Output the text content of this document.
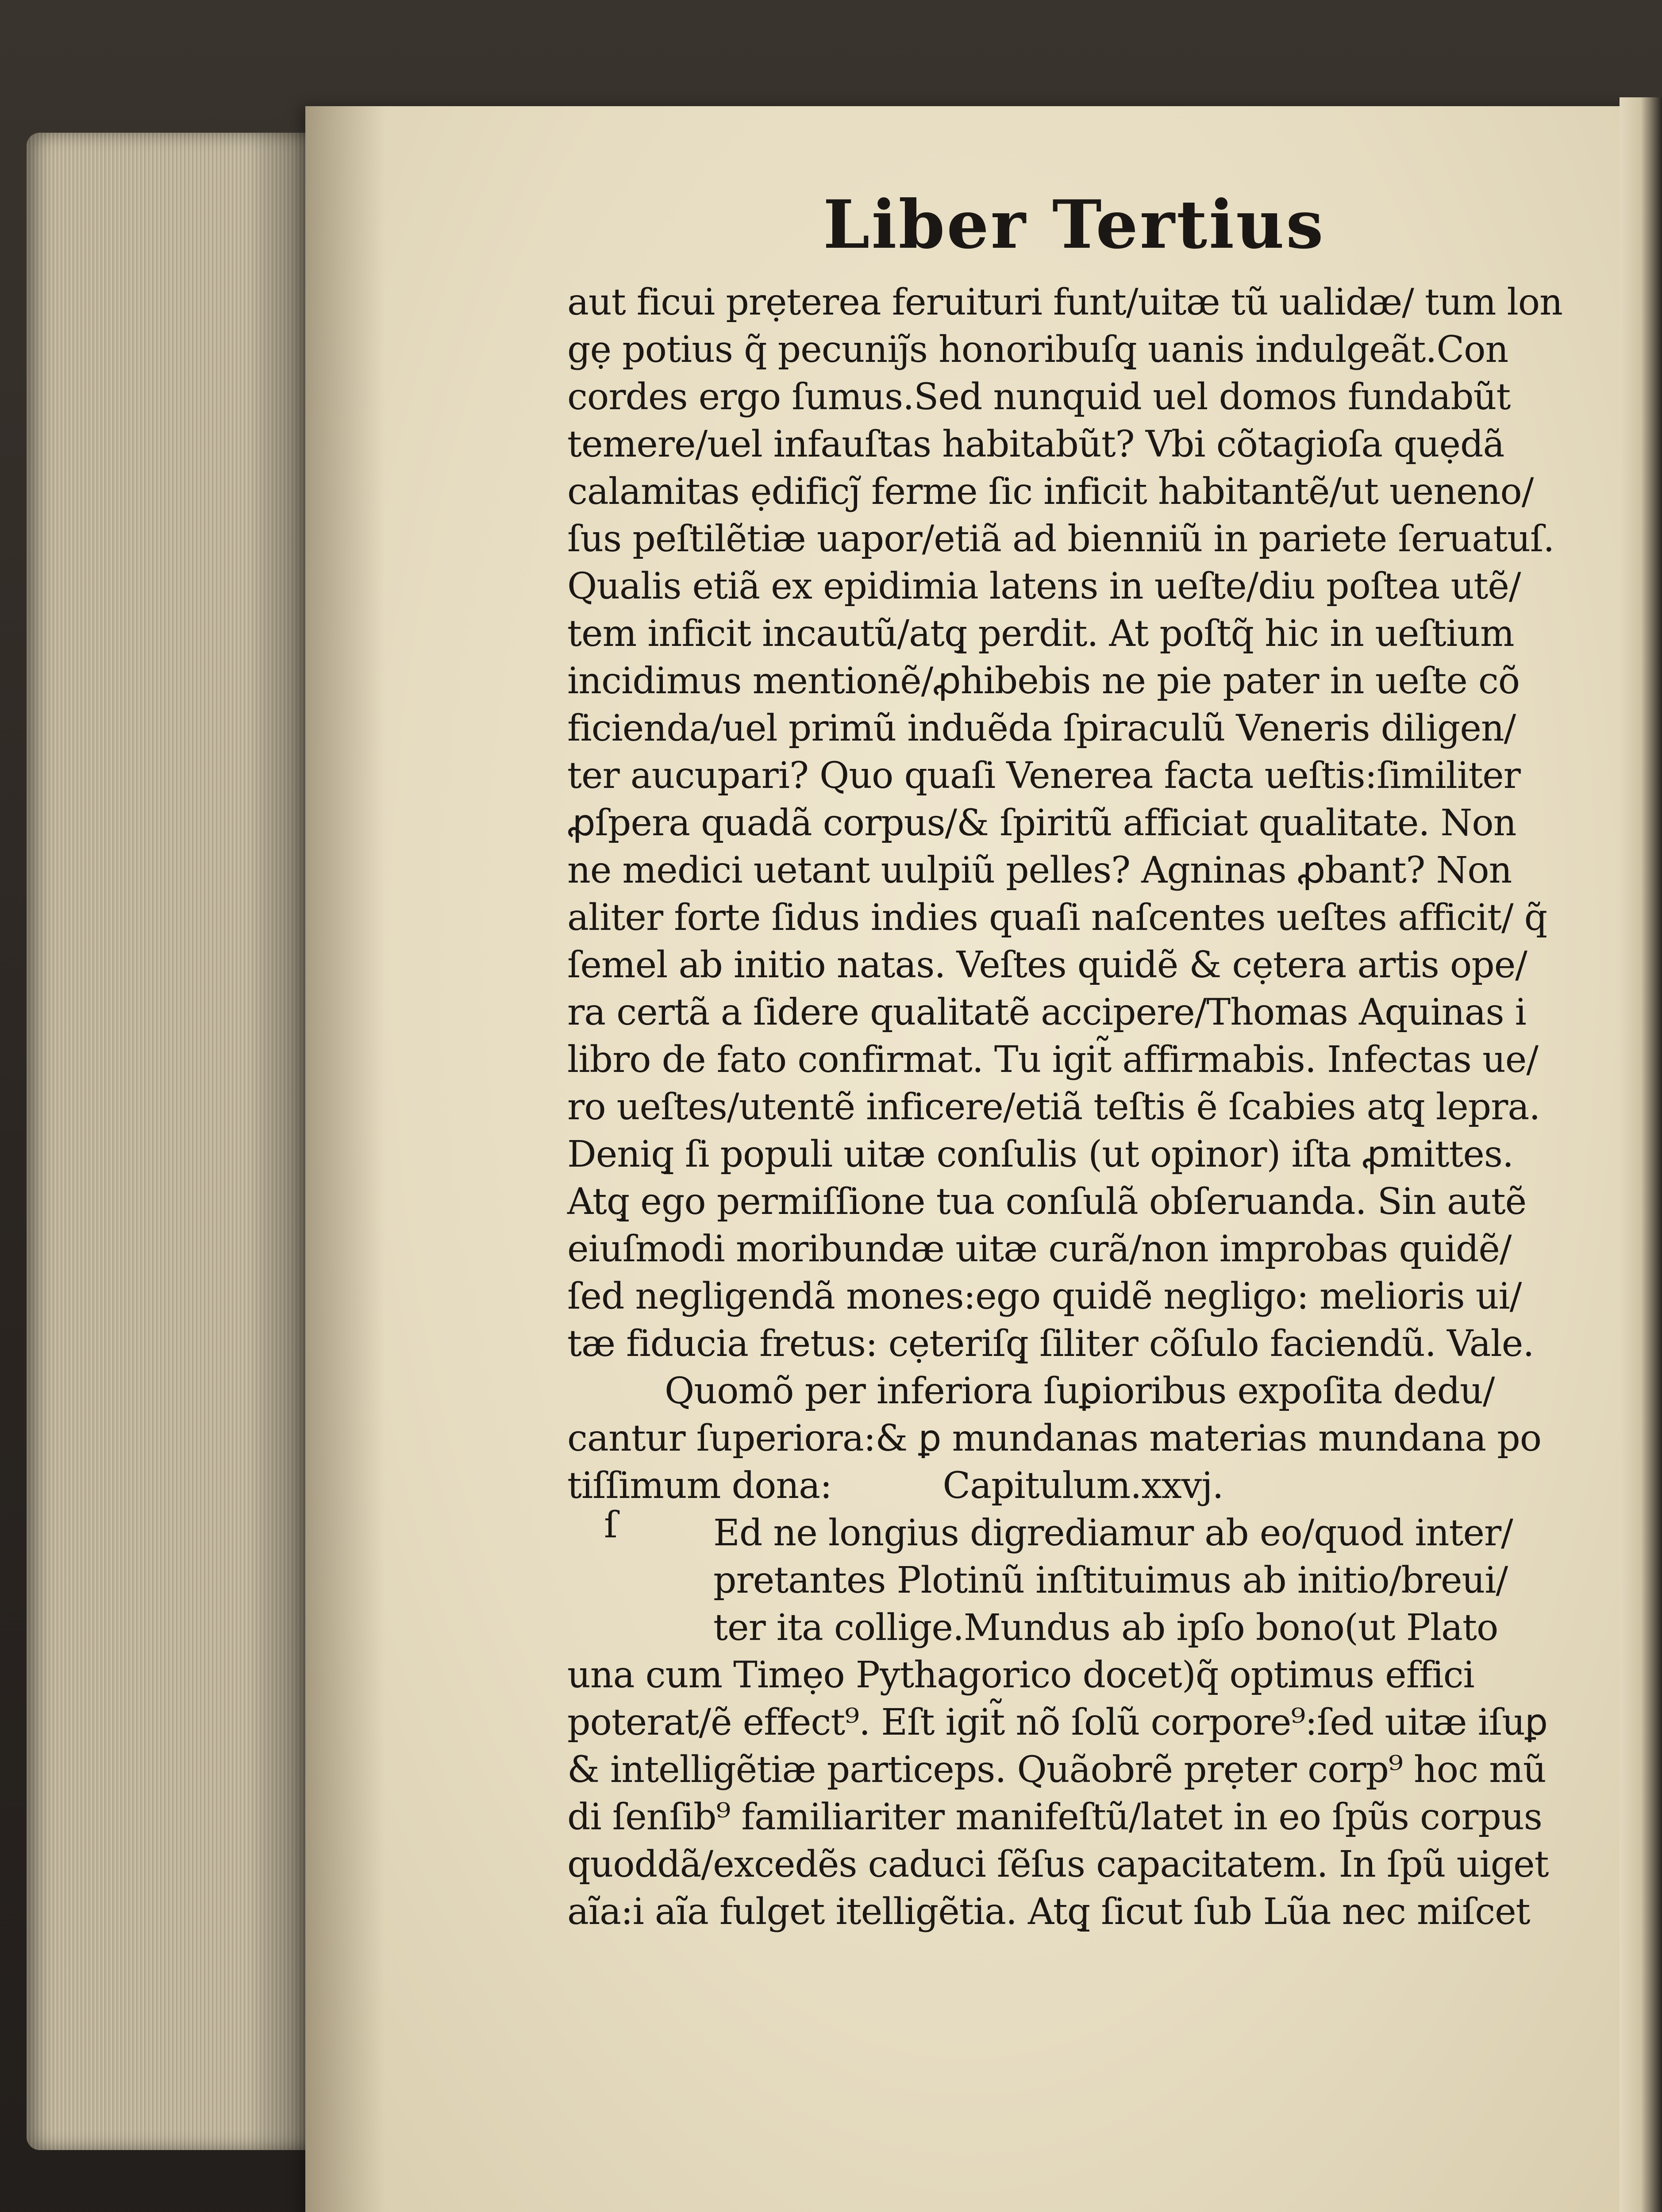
Liber Tertius
aut ficui prẹterea feruituri funt/uitæ tũ ualidæ/ tum lon
gẹ potius q̃ pecuniȷ̃s honoribuſq̧ uanis indulgeãt.Con
cordes ergo ſumus.Sed nunquid uel domos fundabũt
temere/uel infauſtas habitabũt? Vbi cõtagioſa quẹdã
calamitas ẹdificȷ̃ ferme ſic inficit habitantẽ/ut ueneno/
ſus peſtilẽtiæ uapor/etiã ad bienniũ in pariete ſeruatuſ.
Qualis etiã ex epidimia latens in ueſte/diu poſtea utẽ/
tem inficit incautũ/atq̧ perdit. At poſtq̃ hic in ueſtium
incidimus mentionẽ/ꝓhibebis ne pie pater in ueſte cõ
ficienda/uel primũ induẽda ſpiraculũ Veneris diligen/
ter aucupari? Quo quaſi Venerea facta ueſtis:ſimiliter
ꝓſpera quadã corpus/& ſpiritũ afficiat qualitate. Non
ne medici uetant uulpiũ pelles? Agninas ꝓbant? Non
aliter forte ſidus indies quaſi naſcentes ueſtes afficit/ q̃
ſemel ab initio natas. Veſtes quidẽ & cẹtera artis ope/
ra certã a ſidere qualitatẽ accipere/Thomas Aquinas i
libro de fato confirmat. Tu igit̃ affirmabis. Infectas ue/
ro ueſtes/utentẽ inficere/etiã teſtis ẽ ſcabies atq̧ lepra.
Deniq̧ ſi populi uitæ conſulis (ut opinor) iſta ꝓmittes.
Atq̧ ego permiſſione tua conſulã obſeruanda. Sin autẽ
eiuſmodi moribundæ uitæ curã/non improbas quidẽ/
ſed negligendã mones:ego quidẽ negligo: melioris ui/
tæ fiducia fretus: cẹteriſq̧ ſiliter cõſulo faciendũ. Vale.
Quomõ per inferiora ſuꝑioribus expoſita dedu/
cantur ſuperiora:& ꝑ mundanas materias mundana po
tiſſimum dona:          Capitulum.xxvj.
Ed ne longius digrediamur ab eo/quod inter/
pretantes Plotinũ inſtituimus ab initio/breui/
ter ita collige.Mundus ab ipſo bono(ut Plato
una cum Timẹo Pythagorico docet)q̃ optimus effici
poterat/ẽ effect⁹. Eſt igit̃ nõ ſolũ corpore⁹:ſed uitæ iſuꝑ
& intelligẽtiæ particeps. Quãobrẽ prẹter corp⁹ hoc mũ
di ſenſib⁹ familiariter manifeſtũ/latet in eo ſpũs corpus
quoddã/excedẽs caduci ſẽſus capacitatem. In ſpũ uiget
aĩa:i aĩa fulget itelligẽtia. Atq̧ ſicut ſub Lũa nec miſcet
ſ
